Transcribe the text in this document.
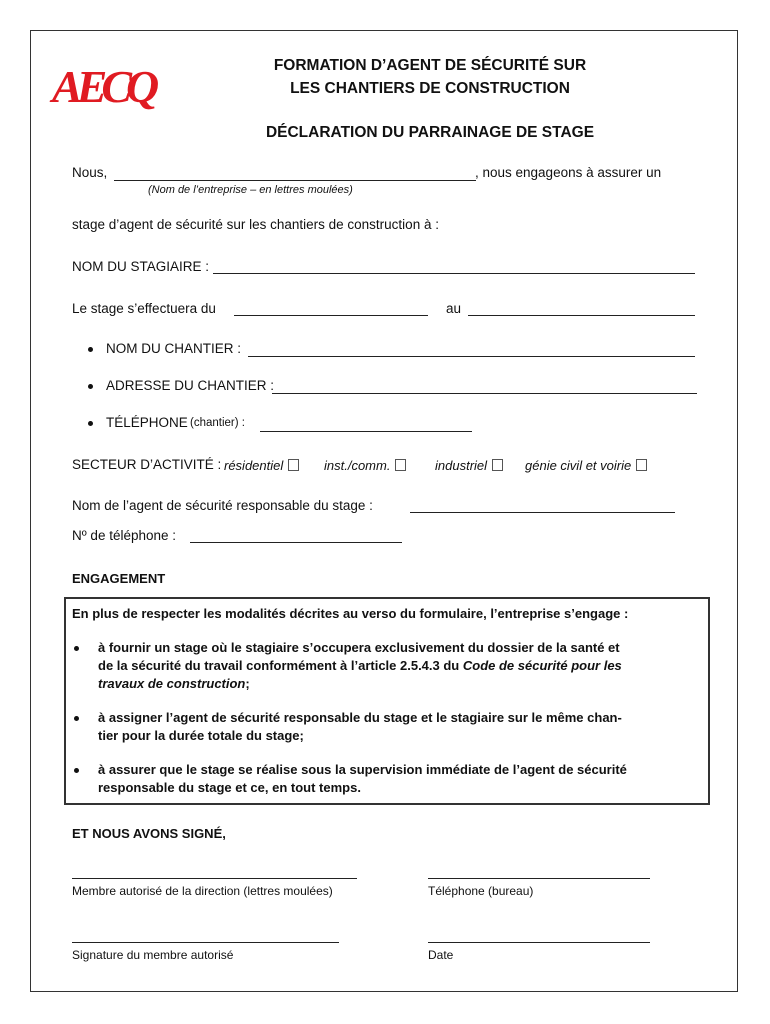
AECQ	FORMATION D’AGENT DE SÉCURITÉ SUR
LES CHANTIERS DE CONSTRUCTION
DÉCLARATION DU PARRAINAGE DE STAGE
Nous,	, nous engageons à assurer un
(Nom de l’entreprise – en lettres moulées)
stage d’agent de sécurité sur les chantiers de construction à :
NOM DU STAGIAIRE :
Le stage s’effectuera du	au
NOM DU CHANTIER :
ADRESSE DU CHANTIER :
TÉLÉPHONE (chantier) :
SECTEUR D’ACTIVITÉ : résidentiel	inst./comm.	industriel	génie civil et voirie
Nom de l’agent de sécurité responsable du stage :
Nº de téléphone :
ENGAGEMENT
En plus de respecter les modalités décrites au verso du formulaire, l’entreprise s’engage :
à fournir un stage où le stagiaire s’occupera exclusivement du dossier de la santé et
de la sécurité du travail conformément à l’article 2.5.4.3 du Code de sécurité pour les
travaux de construction;
à assigner l’agent de sécurité responsable du stage et le stagiaire sur le même chan-
tier pour la durée totale du stage;
à assurer que le stage se réalise sous la supervision immédiate de l’agent de sécurité
responsable du stage et ce, en tout temps.
ET NOUS AVONS SIGNÉ,
Membre autorisé de la direction (lettres moulées)	Téléphone (bureau)
Signature du membre autorisé	Date
